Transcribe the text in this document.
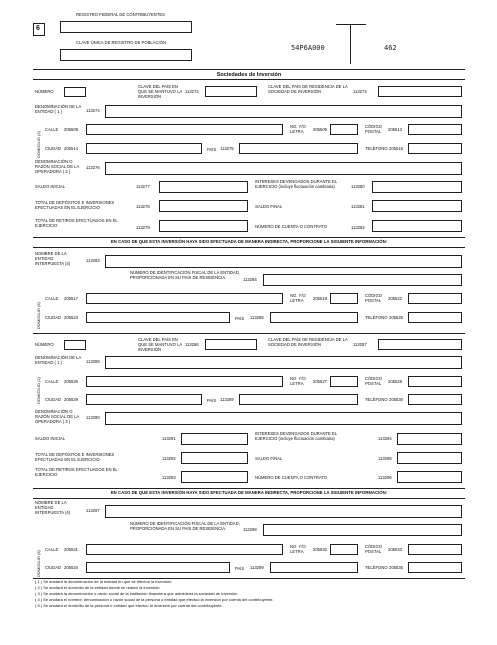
6
REGISTRO FEDERAL DE CONTRIBUYENTES
CLAVE ÚNICA DE REGISTRO DE POBLACIÓN
54P6A000	462
Sociedades de Inversión
NÚMERO
CLAVE DEL PAÍS EN QUE SE MANTUVO LA INVERSIÓN
113272
CLAVE DEL PAÍS DE RESIDENCIA DE LA SOCIEDAD DE INVERSIÓN	113273
DENOMINACIÓN DE LA ENTIDAD ( 1 )	113274
DOMICILIO (2)
CALLE 205508
NO. Y/O LETRA	205509
CÓDIGO POSTAL	205513
CIUDAD 205514	PAÍS 113275	TELÉFONO 205516
DENOMINACIÓN O RAZÓN SOCIAL DE LA OPERADORA ( 3 )
113276
SALDO INICIAL	113277
INTERESES DEVENGADOS DURANTE EL EJERCICIO (incluye fluctuación cambiaria)	113280
TOTAL DE DEPÓSITOS E INVERSIONES EFECTUADAS EN EL EJERCICIO	113278	SALDO FINAL	113281
TOTAL DE RETIROS EFECTUADOS EN EL EJERCICIO	113279	NÚMERO DE CUENTA O CONTRATO	113282
EN CASO DE QUE ESTA INVERSIÓN HAYA SIDO EFECTUADA DE MANERA INDIRECTA, PROPORCIONE LA SIGUIENTE INFORMACIÓN:
NOMBRE DE LA ENTIDAD INTERPUESTA (4)
113283
NÚMERO DE IDENTIFICACIÓN FISCAL DE LA ENTIDAD, PROPORCIONADA EN SU PAÍS DE RESIDENCIA.	113284
DOMICILIO (5)
CALLE 205517
NO. Y/O LETRA	205518
CÓDIGO POSTAL	205522
CIUDAD 205523	PAÍS 113285	TELÉFONO 205525
NÚMERO
CLAVE DEL PAÍS EN QUE SE MANTUVO LA INVERSIÓN
113286
CLAVE DEL PAÍS DE RESIDENCIA DE LA SOCIEDAD DE INVERSIÓN	113287
DENOMINACIÓN DE LA ENTIDAD ( 1 )	113288
DOMICILIO (2) CALLE 205526
NO. Y/O LETRA	205527
CÓDIGO POSTAL	205528
CIUDAD 205529	PAÍS 113289	TELÉFONO 205530
DENOMINACIÓN O RAZÓN SOCIAL DE LA OPERADORA ( 3 )
113290
SALDO INICIAL	113291
INTERESES DEVENGADOS DURANTE EL EJERCICIO (incluye fluctuación cambiaria)	113294
TOTAL DE DEPÓSITOS E INVERSIONES EFECTUADAS EN EL EJERCICIO	113292	SALDO FINAL	113295
TOTAL DE RETIROS EFECTUADOS EN EL EJERCICIO
113293	NÚMERO DE CUENTA O CONTRATO	113296
EN CASO DE QUE ESTA INVERSIÓN HAYA SIDO EFECTUADA DE MANERA INDIRECTA, PROPORCIONE LA SIGUIENTE INFORMACIÓN:
NOMBRE DE LA ENTIDAD INTERPUESTA (4)	113297
NÚMERO DE IDENTIFICACIÓN FISCAL DE LA ENTIDAD, PROPORCIONADA EN SU PAÍS DE RESIDENCIA.	113298
DOMICILIO (5)
CALLE 205531
NO. Y/O LETRA	205532
CÓDIGO POSTAL	205533
CIUDAD 205534	PAÍS 113299	TELÉFONO 205535
( 1 ) Se anotará la denominación de la entidad en que se efectuó la inversión.
( 2 ) Se anotará el domicilio de la entidad donde se realizó la inversión.
( 3 ) Se anotará la denominación o razón social de la institución financiera que administra la sociedad de inversión.
( 4 ) Se anotará el nombre, denominación o razón social de la persona o entidad que efectuó la inversión por cuenta del contribuyente.
( 5 ) Se anotará el domicilio de la persona o entidad que efectuó la inversión por cuenta del contribuyente.
